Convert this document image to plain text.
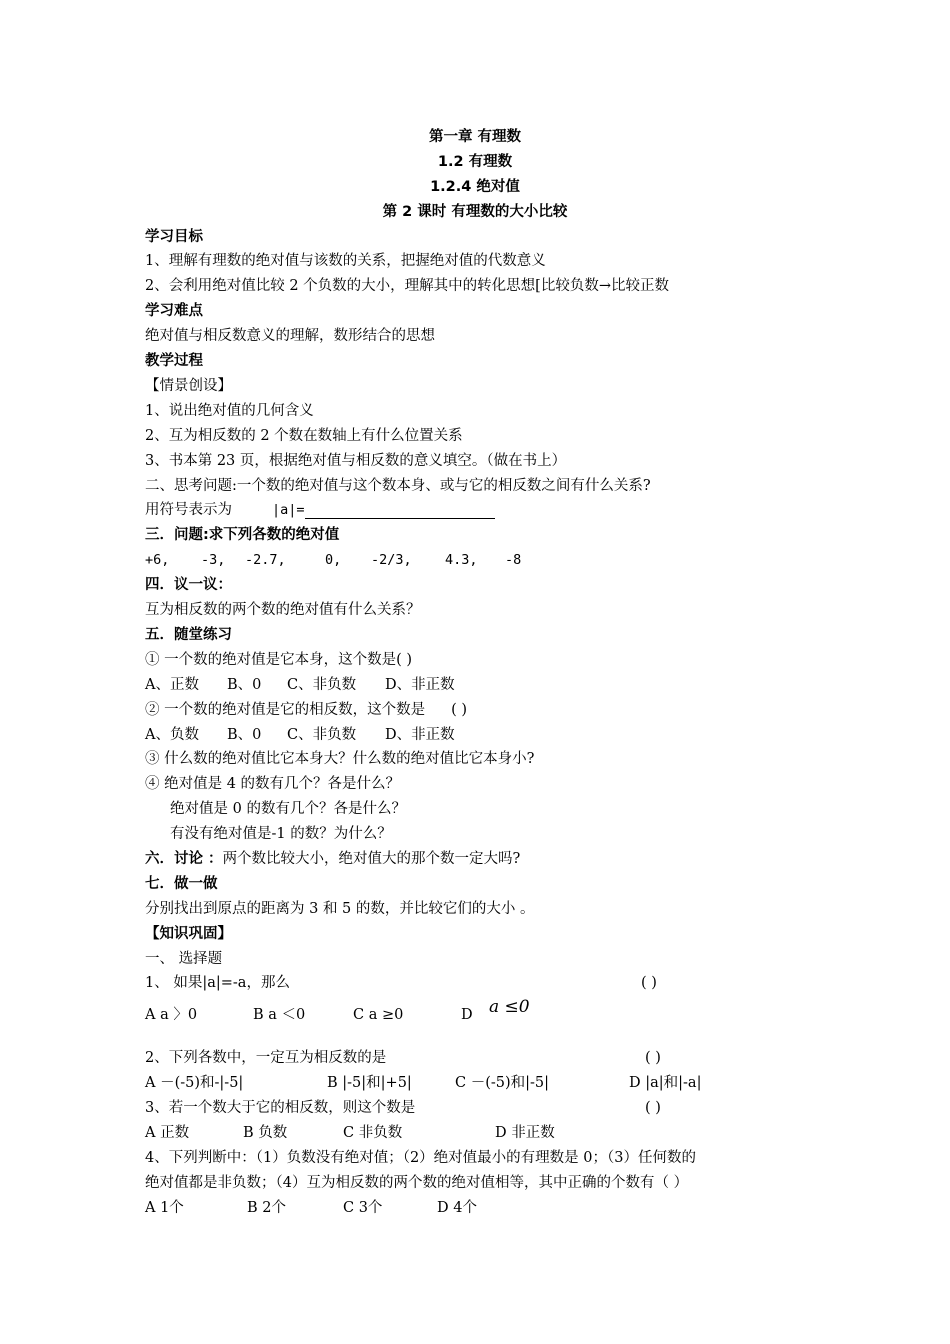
第一章 有理数
1.2 有理数
1.2.4 绝对值
第 2 课时 有理数的大小比较
学习目标
1、理解有理数的绝对值与该数的关系，把握绝对值的代数意义
2、会利用绝对值比较 2 个负数的大小，理解其中的转化思想[比较负数→比较正数
学习难点
绝对值与相反数意义的理解，数形结合的思想
教学过程
【情景创设】
1、说出绝对值的几何含义
2、互为相反数的 2 个数在数轴上有什么位置关系
3、书本第 23 页，根据绝对值与相反数的意义填空。（做在书上）
二、思考问题:一个数的绝对值与这个数本身、或与它的相反数之间有什么关系?
用符号表示为	|a|=
三．问题:求下列各数的绝对值
+6, -3, -2.7,	0, -2/3, 4.3, -8
四．议一议：
互为相反数的两个数的绝对值有什么关系？
五．随堂练习
① 一个数的绝对值是它本身，这个数是( )
A、正数 B、0 C、非负数 D、非正数
② 一个数的绝对值是它的相反数，这个数是 ( )
A、负数 B、0 C、非负数 D、非正数
③ 什么数的绝对值比它本身大？什么数的绝对值比它本身小?
④ 绝对值是 4 的数有几个？各是什么？
绝对值是 0 的数有几个？各是什么？
有没有绝对值是-1 的数？为什么？
六．讨论 ：两个数比较大小，绝对值大的那个数一定大吗?
七．做一做
分别找出到原点的距离为 3 和 5 的数，并比较它们的大小 。
【知识巩固】
一、 选择题
1、 如果|a|=-a，那么	( )
A a 〉0	B a ＜0	C a ≥0	D a ≤0
2、下列各数中，一定互为相反数的是	( )
A －(-5)和-|-5|	B |-5|和|+5|	C －(-5)和|-5|	D |a|和|-a|
3、若一个数大于它的相反数，则这个数是	( )
A 正数	B 负数	C 非负数	D 非正数
4、下列判断中：（1）负数没有绝对值；（2）绝对值最小的有理数是 0；（3）任何数的
绝对值都是非负数；（4）互为相反数的两个数的绝对值相等，其中正确的个数有（ ）
A 1个	B 2个	C 3个	D 4个
